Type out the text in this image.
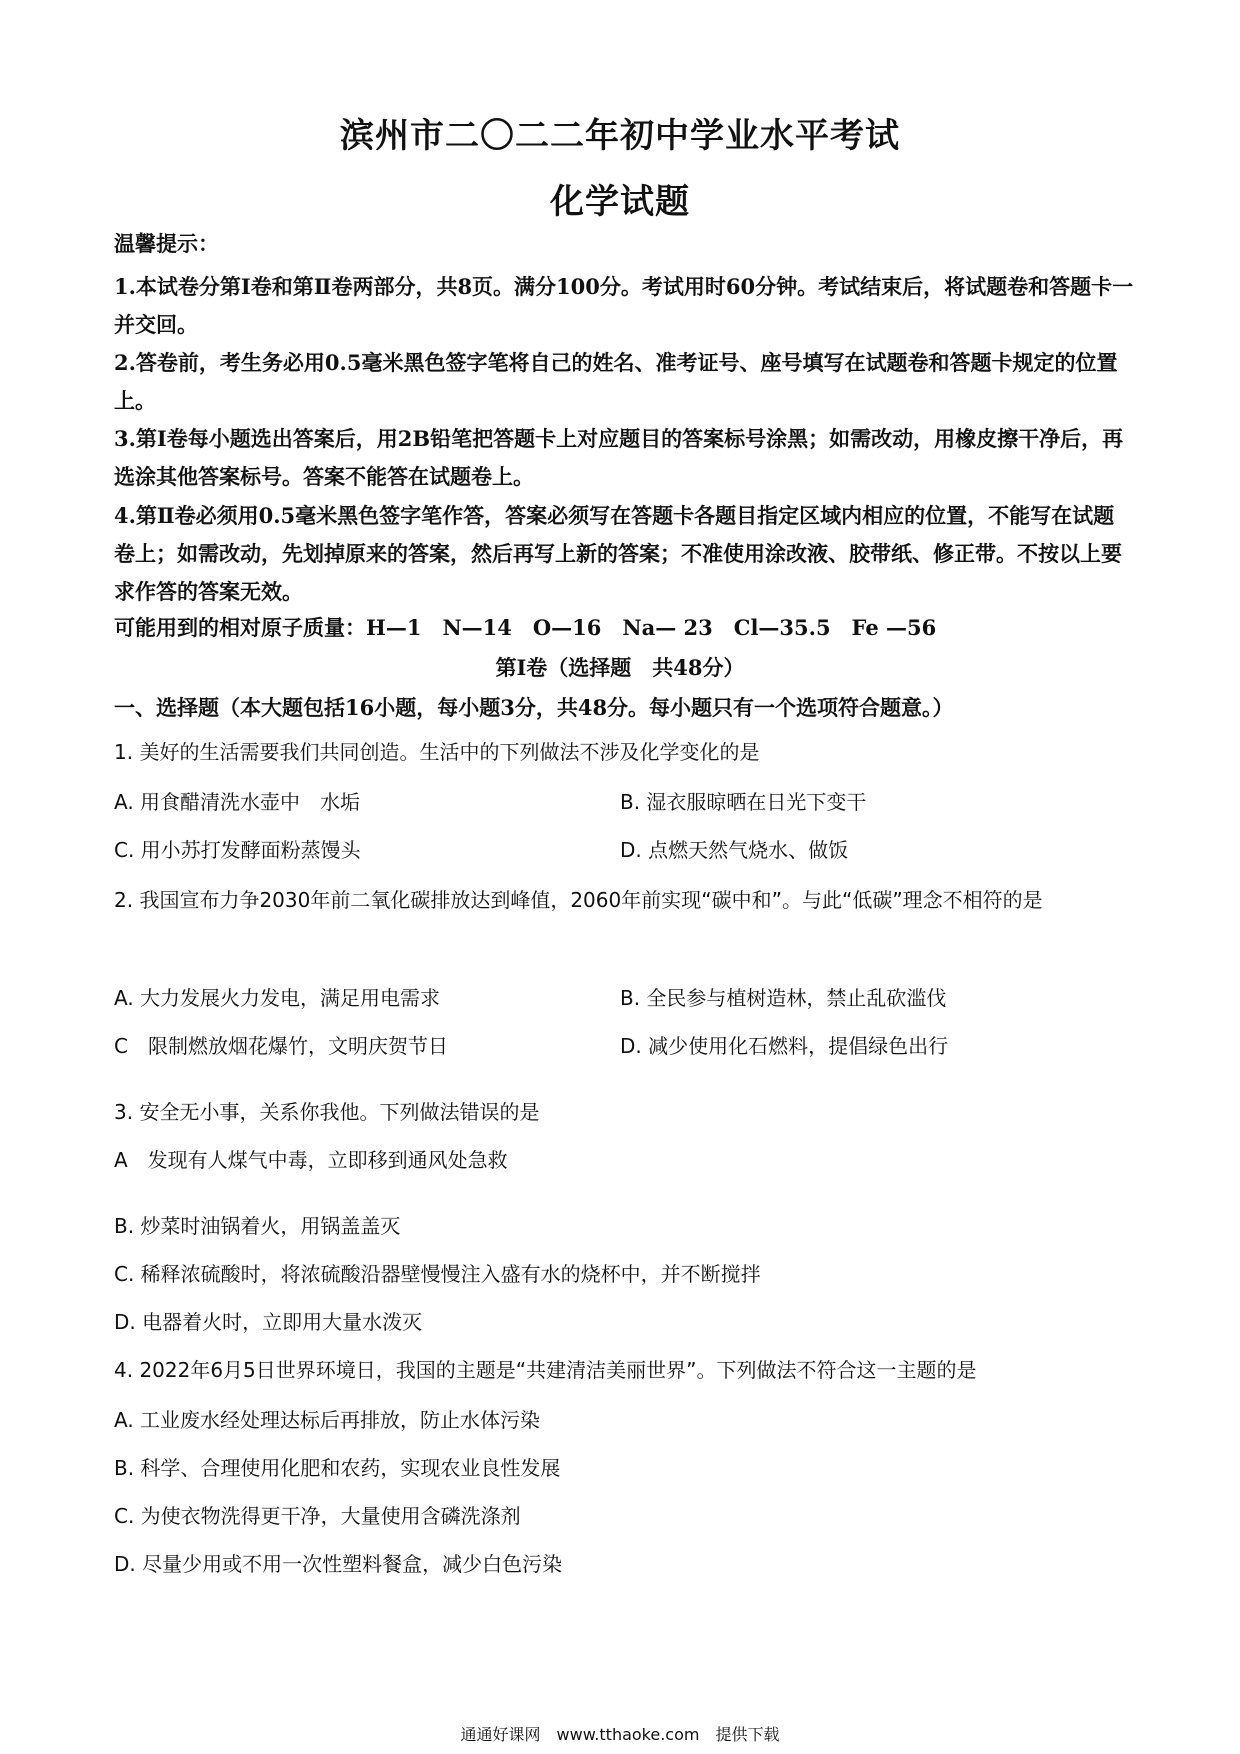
滨州市二〇二二年初中学业水平考试
化学试题
温馨提示：
1.本试卷分第Ⅰ卷和第Ⅱ卷两部分，共8页。满分100分。考试用时60分钟。考试结束后，将试题卷和答题卡一并交回。
2.答卷前，考生务必用0.5毫米黑色签字笔将自己的姓名、准考证号、座号填写在试题卷和答题卡规定的位置上。
3.第Ⅰ卷每小题选出答案后，用2B铅笔把答题卡上对应题目的答案标号涂黑；如需改动，用橡皮擦干净后，再选涂其他答案标号。答案不能答在试题卷上。
4.第Ⅱ卷必须用0.5毫米黑色签字笔作答，答案必须写在答题卡各题目指定区域内相应的位置，不能写在试题卷上；如需改动，先划掉原来的答案，然后再写上新的答案；不准使用涂改液、胶带纸、修正带。不按以上要求作答的答案无效。
可能用到的相对原子质量：H—1　N—14　O—16　Na— 23　Cl—35.5　Fe —56
第Ⅰ卷（选择题　共48分）
一、选择题（本大题包括16小题，每小题3分，共48分。每小题只有一个选项符合题意。）
1. 美好的生活需要我们共同创造。生活中的下列做法不涉及化学变化的是
A. 用食醋清洗水壶中　水垢	B. 湿衣服晾晒在日光下变干
C. 用小苏打发酵面粉蒸馒头	D. 点燃天然气烧水、做饭
2. 我国宣布力争2030年前二氧化碳排放达到峰值，2060年前实现“碳中和”。与此“低碳”理念不相符的是
A. 大力发展火力发电，满足用电需求	B. 全民参与植树造林，禁止乱砍滥伐
C　限制燃放烟花爆竹，文明庆贺节日	D. 减少使用化石燃料，提倡绿色出行
3. 安全无小事，关系你我他。下列做法错误的是
A　发现有人煤气中毒，立即移到通风处急救
B. 炒菜时油锅着火，用锅盖盖灭
C. 稀释浓硫酸时，将浓硫酸沿器壁慢慢注入盛有水的烧杯中，并不断搅拌
D. 电器着火时，立即用大量水泼灭
4. 2022年6月5日世界环境日，我国的主题是“共建清洁美丽世界”。下列做法不符合这一主题的是
A. 工业废水经处理达标后再排放，防止水体污染
B. 科学、合理使用化肥和农药，实现农业良性发展
C. 为使衣物洗得更干净，大量使用含磷洗涤剂
D. 尽量少用或不用一次性塑料餐盒，减少白色污染
通通好课网　www.tthaoke.com　提供下载
